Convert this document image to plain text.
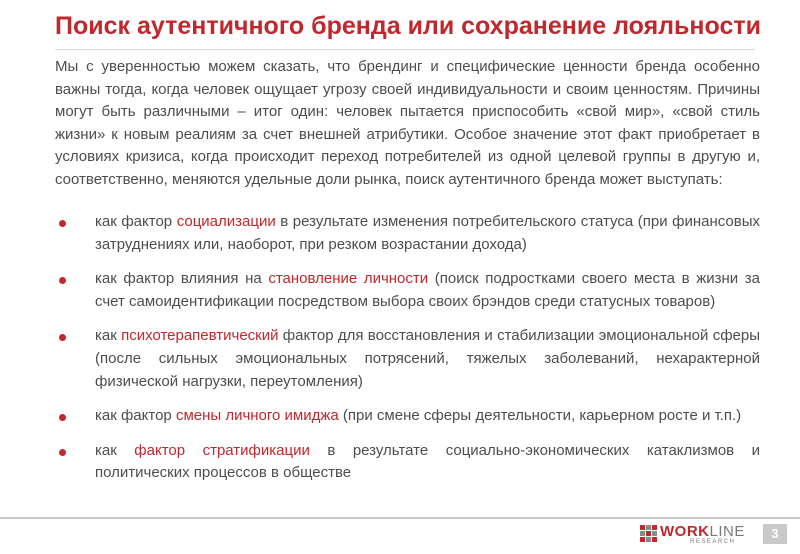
Поиск аутентичного бренда или сохранение лояльности

Мы с уверенностью можем сказать, что брендинг и специфические ценности бренда особенно важны тогда, когда человек ощущает угрозу своей индивидуальности и своим ценностям. Причины могут быть различными – итог один: человек пытается приспособить «свой мир», «свой стиль жизни» к новым реалиям за счет внешней атрибутики. Особое значение этот факт приобретает в условиях кризиса, когда происходит переход потребителей из одной целевой группы в другую и, соответственно, меняются удельные доли рынка, поиск аутентичного бренда может выступать:

как фактор социализации в результате изменения потребительского статуса (при финансовых затруднениях или, наоборот, при резком возрастании дохода)
как фактор влияния на становление личности (поиск подростками своего места в жизни за счет самоидентификации посредством выбора своих брэндов среди статусных товаров)
как психотерапевтический фактор для восстановления и стабилизации эмоциональной сферы (после сильных эмоциональных потрясений, тяжелых заболеваний, нехарактерной физической нагрузки, переутомления)
как фактор смены личного имиджа (при смене сферы деятельности, карьерном росте и т.п.)
как фактор стратификации в результате социально-экономических катаклизмов и политических процессов в обществе
WORKLINE
RESEARCH
3
